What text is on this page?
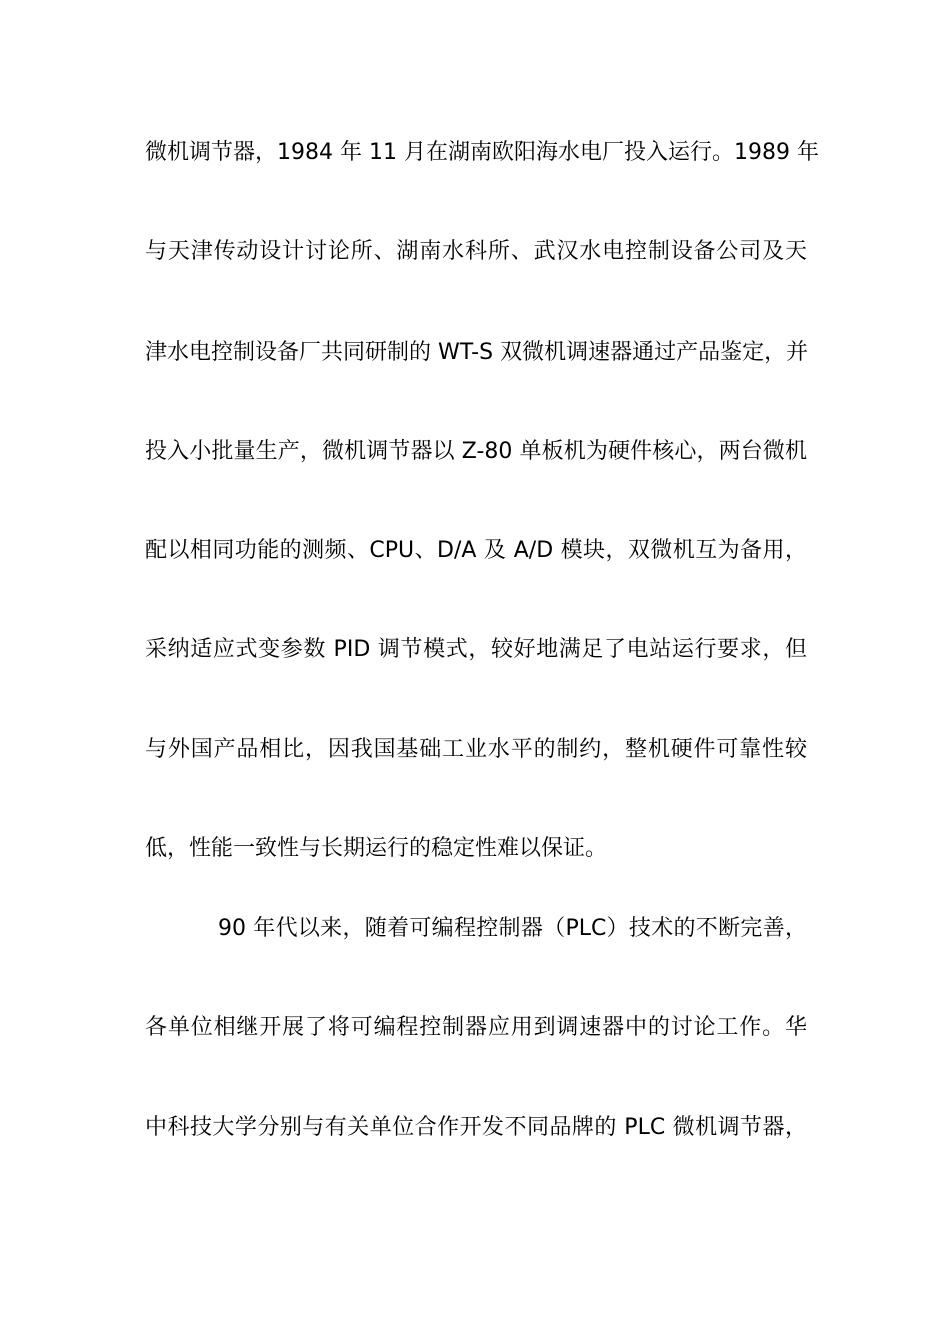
微机调节器，1984 年 11 月在湖南欧阳海水电厂投入运行。1989 年
与天津传动设计讨论所、湖南水科所、武汉水电控制设备公司及天
津水电控制设备厂共同研制的 WT-S 双微机调速器通过产品鉴定，并
投入小批量生产，微机调节器以 Z-80 单板机为硬件核心，两台微机
配以相同功能的测频、CPU、D/A 及 A/D 模块，双微机互为备用，
采纳适应式变参数 PID 调节模式，较好地满足了电站运行要求，但
与外国产品相比，因我国基础工业水平的制约，整机硬件可靠性较
低，性能一致性与长期运行的稳定性难以保证。
90 年代以来，随着可编程控制器（PLC）技术的不断完善，
各单位相继开展了将可编程控制器应用到调速器中的讨论工作。华
中科技大学分别与有关单位合作开发不同品牌的 PLC 微机调节器，
